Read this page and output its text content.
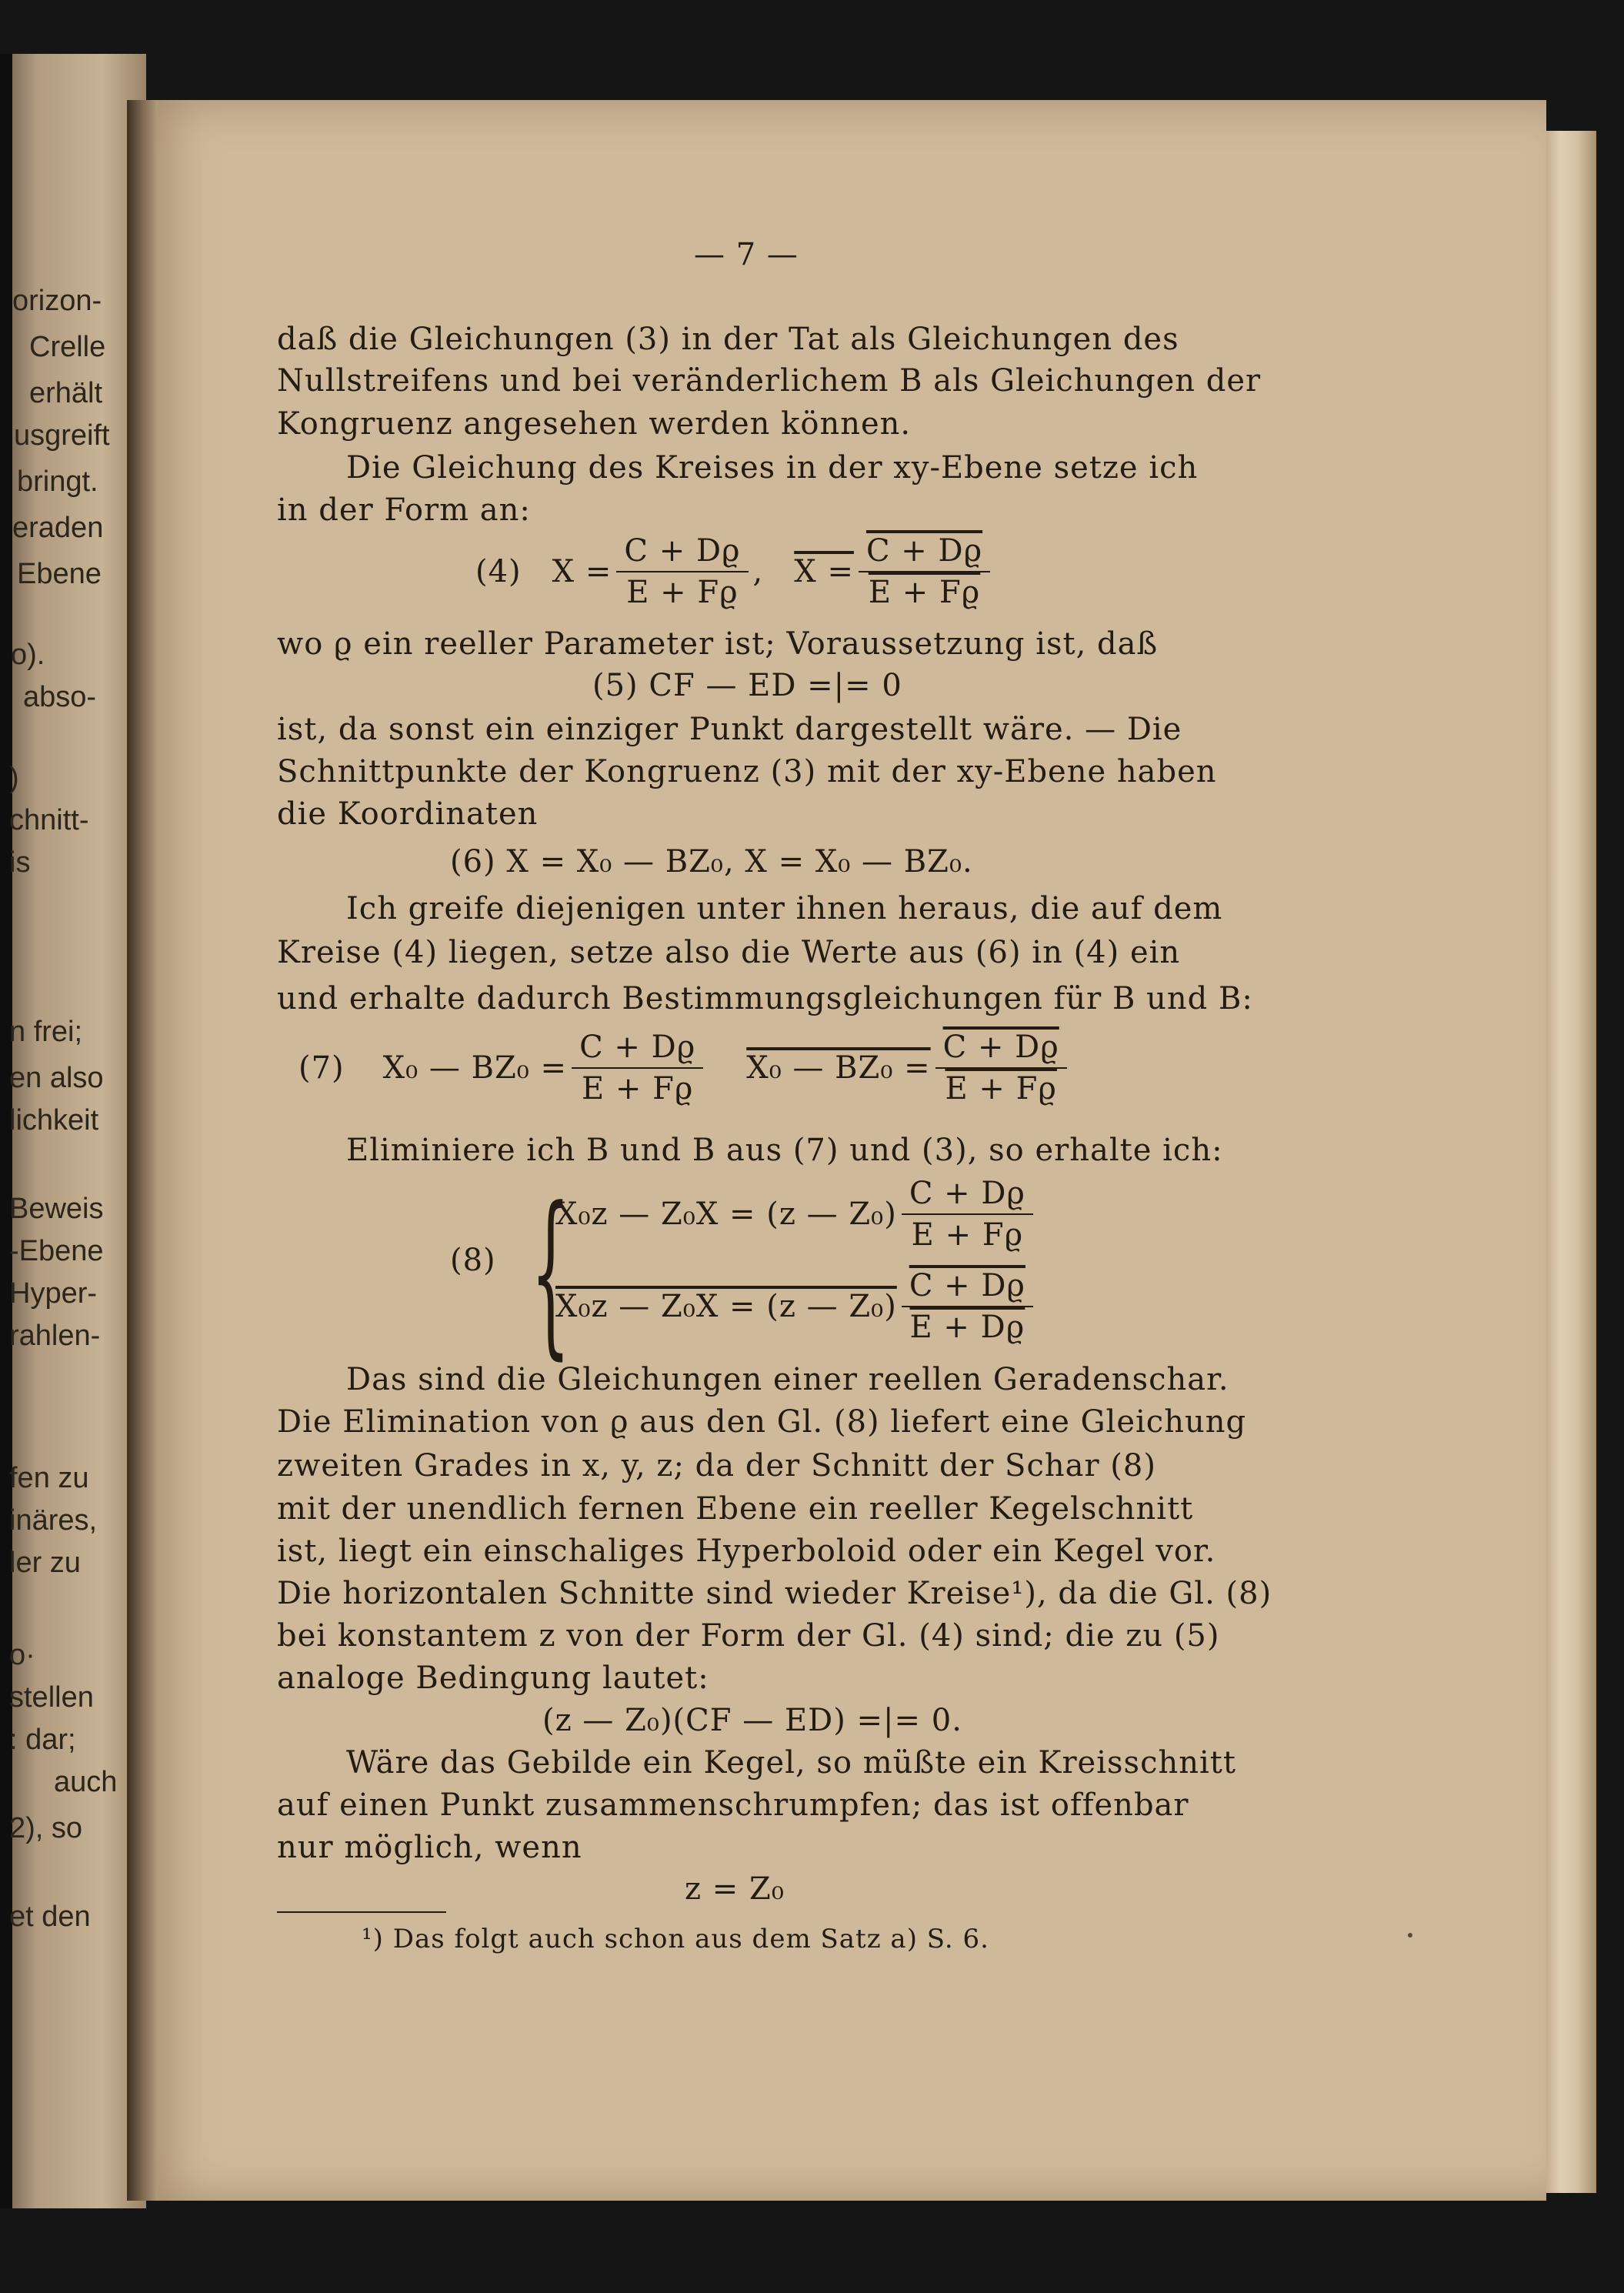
orizon-
Crelle
erhält
usgreift
bringt.
eraden
Ebene
o).
abso-
)
chnitt-
is
n frei;
en also
lichkeit
Beweis
-Ebene
Hyper-
rahlen-
fen zu
inäres,
ler zu
o·
stellen
: dar;
auch
2), so
et den
— 7 —
daß die Gleichungen (3) in der Tat als Gleichungen des
Nullstreifens und bei veränderlichem B als Gleichungen der
Kongruenz angesehen werden können.
Die Gleichung des Kreises in der xy-Ebene setze ich
in der Form an:
(4) $X = \frac{C + Dϱ}{E + Fϱ}$ , $X = \frac{C + Dϱ}{E + Fϱ}$
wo ϱ ein reeller Parameter ist; Voraussetzung ist, daß
(5) CF — ED =|= 0
ist, da sonst ein einziger Punkt dargestellt wäre. — Die
Schnittpunkte der Kongruenz (3) mit der xy-Ebene haben
die Koordinaten
(6) X = X₀ — BZ₀, X = X₀ — BZ₀.
Ich greife diejenigen unter ihnen heraus, die auf dem
Kreise (4) liegen, setze also die Werte aus (6) in (4) ein
und erhalte dadurch Bestimmungsgleichungen für B und B:
(7) X₀ — $BZ_0 = \frac{C + Dϱ}{E + Fϱ} X_0$ — $BZ_0 = \frac{C + Dϱ}{E + Fϱ}$
Eliminiere ich B und B aus (7) und (3), so erhalte ich:
(8) {
X₀z — Z₀X = (z — $Z_0) \frac{C + Dϱ}{E + Fϱ}$
X₀z — Z₀X = (z — $Z_0) \frac{C + Dϱ}{E + Dϱ}$
Das sind die Gleichungen einer reellen Geradenschar.
Die Elimination von ϱ aus den Gl. (8) liefert eine Gleichung
zweiten Grades in x, y, z; da der Schnitt der Schar (8)
mit der unendlich fernen Ebene ein reeller Kegelschnitt
ist, liegt ein einschaliges Hyperboloid oder ein Kegel vor.
Die horizontalen Schnitte sind wieder Kreise¹), da die Gl. (8)
bei konstantem z von der Form der Gl. (4) sind; die zu (5)
analoge Bedingung lautet:
(z — Z₀)(CF — ED) =|= 0.
Wäre das Gebilde ein Kegel, so müßte ein Kreisschnitt
auf einen Punkt zusammenschrumpfen; das ist offenbar
nur möglich, wenn
z = Z₀
¹) Das folgt auch schon aus dem Satz a) S. 6.
